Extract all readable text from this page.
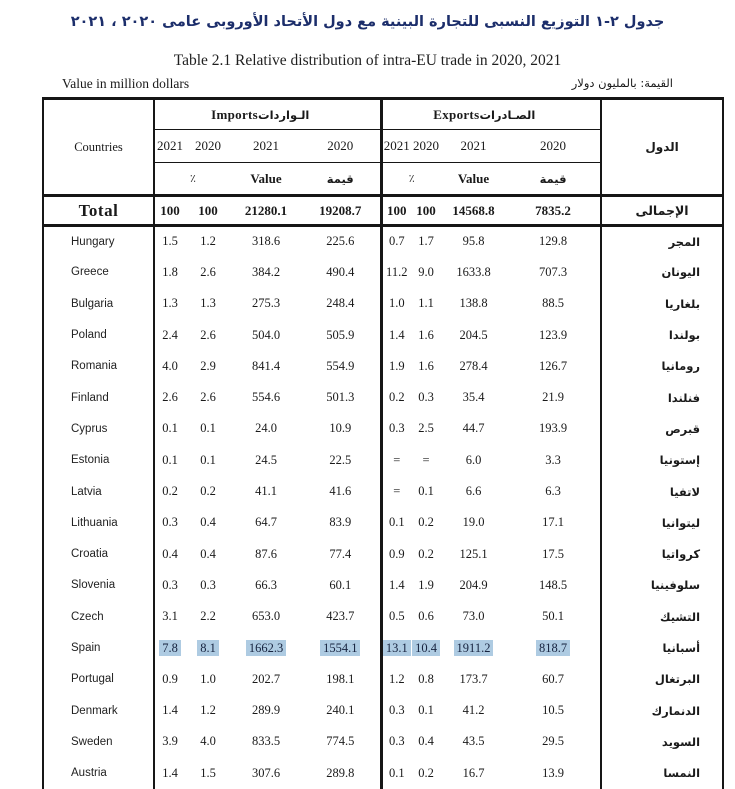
جدول ٢-١ التوزيع النسبى للتجارة البينية مع دول الأتحاد الأوروبى عامى ٢٠٢٠ ، ٢٠٢١
Table 2.1 Relative distribution of intra-EU trade in 2020, 2021
Value in million dollars	القيمة: بالمليون دولار
Countries	Importsالـواردات				Exportsالصـادرات				الدول
	2021	2020	2021	2020	2021	2020	2021	2020	
	٪		Value	قيمة	٪		Value	قيمة	
Total	100	100	21280.1	19208.7	100	100	14568.8	7835.2	الإجمالى
Hungary	1.5	1.2	318.6	225.6	0.7	1.7	95.8	129.8	المجر
Greece	1.8	2.6	384.2	490.4	11.2	9.0	1633.8	707.3	اليونان
Bulgaria	1.3	1.3	275.3	248.4	1.0	1.1	138.8	88.5	بلغاريا
Poland	2.4	2.6	504.0	505.9	1.4	1.6	204.5	123.9	بولندا
Romania	4.0	2.9	841.4	554.9	1.9	1.6	278.4	126.7	رومانيا
Finland	2.6	2.6	554.6	501.3	0.2	0.3	35.4	21.9	فنلندا
Cyprus	0.1	0.1	24.0	10.9	0.3	2.5	44.7	193.9	قبرص
Estonia	0.1	0.1	24.5	22.5	=	=	6.0	3.3	إستونيا
Latvia	0.2	0.2	41.1	41.6	=	0.1	6.6	6.3	لاتفيا
Lithuania	0.3	0.4	64.7	83.9	0.1	0.2	19.0	17.1	ليتوانيا
Croatia	0.4	0.4	87.6	77.4	0.9	0.2	125.1	17.5	كرواتيا
Slovenia	0.3	0.3	66.3	60.1	1.4	1.9	204.9	148.5	سلوفينيا
Czech	3.1	2.2	653.0	423.7	0.5	0.6	73.0	50.1	التشيك
Spain	7.8	8.1	1662.3	1554.1	13.1	10.4	1911.2	818.7	أسبانيا
Portugal	0.9	1.0	202.7	198.1	1.2	0.8	173.7	60.7	البرتغال
Denmark	1.4	1.2	289.9	240.1	0.3	0.1	41.2	10.5	الدنمارك
Sweden	3.9	4.0	833.5	774.5	0.3	0.4	43.5	29.5	السويد
Austria	1.4	1.5	307.6	289.8	0.1	0.2	16.7	13.9	النمسا
